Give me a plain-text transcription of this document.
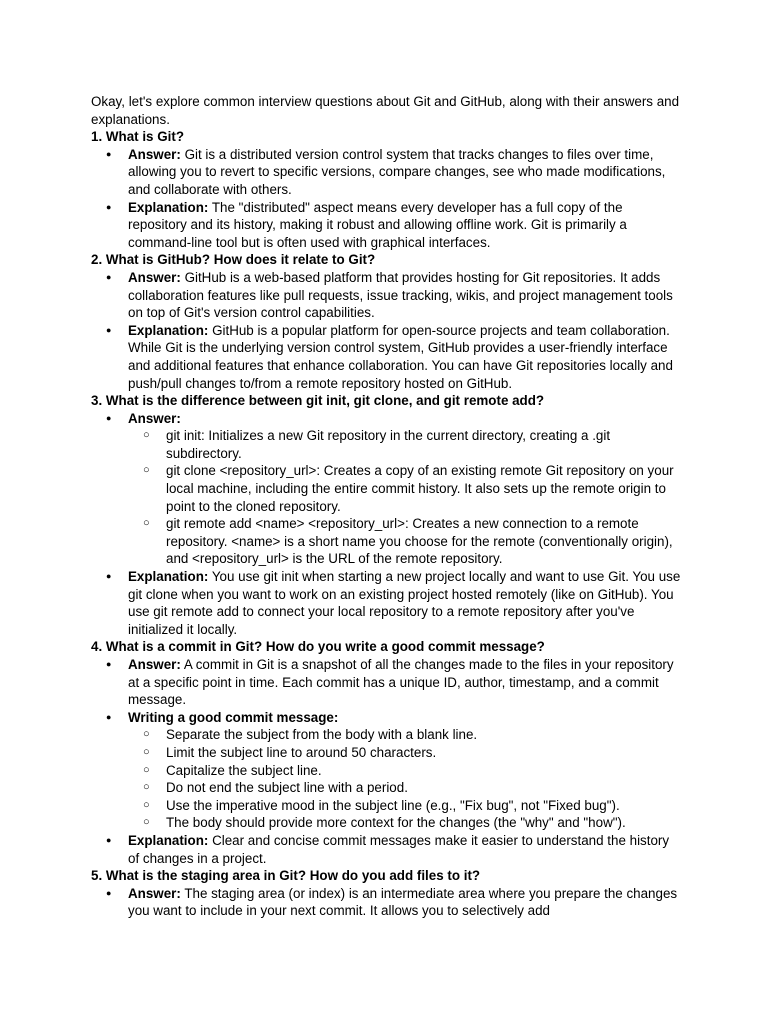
Okay, let's explore common interview questions about Git and GitHub, along with their answers and explanations.

1. What is Git?

● Answer: Git is a distributed version control system that tracks changes to files over time, allowing you to revert to specific versions, compare changes, see who made modifications, and collaborate with others.
● Explanation: The "distributed" aspect means every developer has a full copy of the repository and its history, making it robust and allowing offline work. Git is primarily a command-line tool but is often used with graphical interfaces.

2. What is GitHub? How does it relate to Git?

● Answer: GitHub is a web-based platform that provides hosting for Git repositories. It adds collaboration features like pull requests, issue tracking, wikis, and project management tools on top of Git's version control capabilities.
● Explanation: GitHub is a popular platform for open-source projects and team collaboration. While Git is the underlying version control system, GitHub provides a user-friendly interface and additional features that enhance collaboration. You can have Git repositories locally and push/pull changes to/from a remote repository hosted on GitHub.

3. What is the difference between git init, git clone, and git remote add?

● Answer:
○ git init: Initializes a new Git repository in the current directory, creating a .git subdirectory.
○ git clone <repository_url>: Creates a copy of an existing remote Git repository on your local machine, including the entire commit history. It also sets up the remote origin to point to the cloned repository.
○ git remote add <name> <repository_url>: Creates a new connection to a remote repository. <name> is a short name you choose for the remote (conventionally origin), and <repository_url> is the URL of the remote repository.
● Explanation: You use git init when starting a new project locally and want to use Git. You use git clone when you want to work on an existing project hosted remotely (like on GitHub). You use git remote add to connect your local repository to a remote repository after you've initialized it locally.

4. What is a commit in Git? How do you write a good commit message?

● Answer: A commit in Git is a snapshot of all the changes made to the files in your repository at a specific point in time. Each commit has a unique ID, author, timestamp, and a commit message.
● Writing a good commit message:
○ Separate the subject from the body with a blank line.
○ Limit the subject line to around 50 characters.
○ Capitalize the subject line.
○ Do not end the subject line with a period.
○ Use the imperative mood in the subject line (e.g., "Fix bug", not "Fixed bug").
○ The body should provide more context for the changes (the "why" and "how").
● Explanation: Clear and concise commit messages make it easier to understand the history of changes in a project.

5. What is the staging area in Git? How do you add files to it?

● Answer: The staging area (or index) is an intermediate area where you prepare the changes you want to include in your next commit. It allows you to selectively add
